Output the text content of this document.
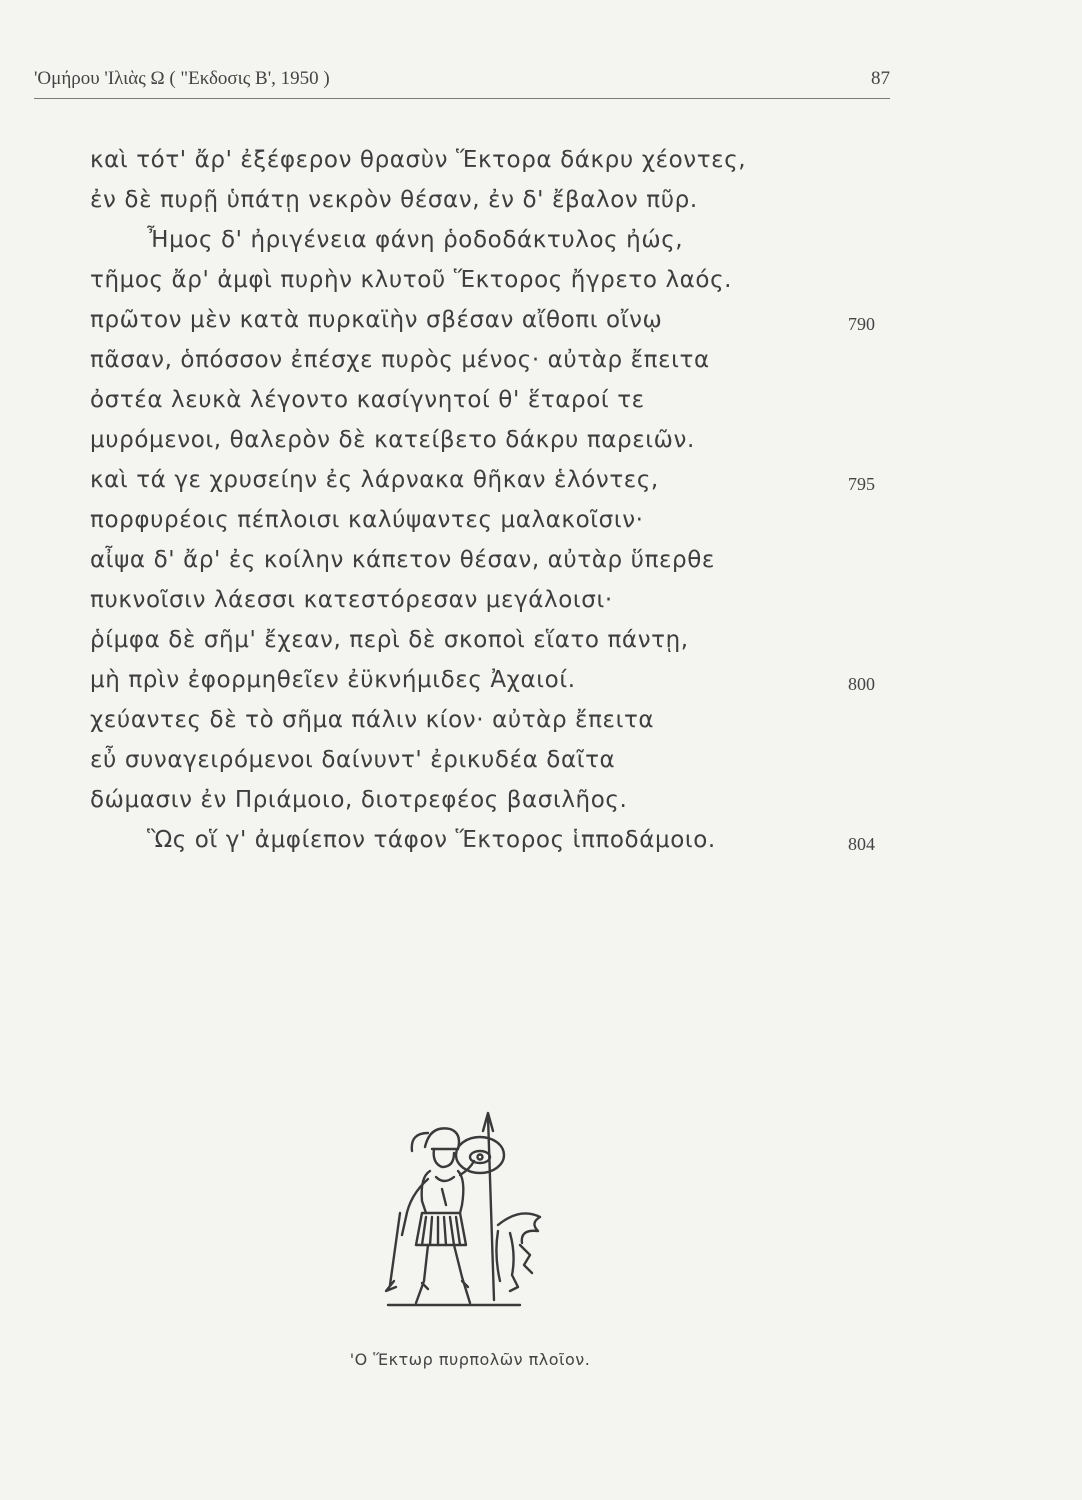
'Ομήρου 'Ιλιὰς Ω ( "Εκδοσις Β', 1950 )	87
καὶ τότ' ἄρ' ἐξέφερον θρασὺν Ἕκτορα δάκρυ χέοντες,
ἐν δὲ πυρῇ ὑπάτῃ νεκρὸν θέσαν, ἐν δ' ἔβαλον πῦρ.
Ἦμος δ' ἠριγένεια φάνη ῥοδοδάκτυλος ἠώς,
τῆμος ἄρ' ἀμφὶ πυρὴν κλυτοῦ Ἕκτορος ἤγρετο λαός.
πρῶτον μὲν κατὰ πυρκαϊὴν σβέσαν αἴθοπι οἴνῳ	790
πᾶσαν, ὁπόσσον ἐπέσχε πυρὸς μένος· αὐτὰρ ἔπειτα
ὀστέα λευκὰ λέγοντο κασίγνητοί θ' ἕταροί τε
μυρόμενοι, θαλερὸν δὲ κατείβετο δάκρυ παρειῶν.
καὶ τά γε χρυσείην ἐς λάρνακα θῆκαν ἑλόντες,	795
πορφυρέοις πέπλοισι καλύψαντες μαλακοῖσιν·
αἶψα δ' ἄρ' ἐς κοίλην κάπετον θέσαν, αὐτὰρ ὕπερθε
πυκνοῖσιν λάεσσι κατεστόρεσαν μεγάλοισι·
ῥίμφα δὲ σῆμ' ἔχεαν, περὶ δὲ σκοποὶ εἵατο πάντῃ,
μὴ πρὶν ἐφορμηθεῖεν ἐϋκνήμιδες Ἀχαιοί.	800
χεύαντες δὲ τὸ σῆμα πάλιν κίον· αὐτὰρ ἔπειτα
εὖ συναγειρόμενοι δαίνυντ' ἐρικυδέα δαῖτα
δώμασιν ἐν Πριάμοιο, διοτρεφέος βασιλῆος.
Ὣς οἵ γ' ἀμφίεπον τάφον Ἕκτορος ἱπποδάμοιο.	804
'Ο Ἕκτωρ πυρπολῶν πλοῖον.
